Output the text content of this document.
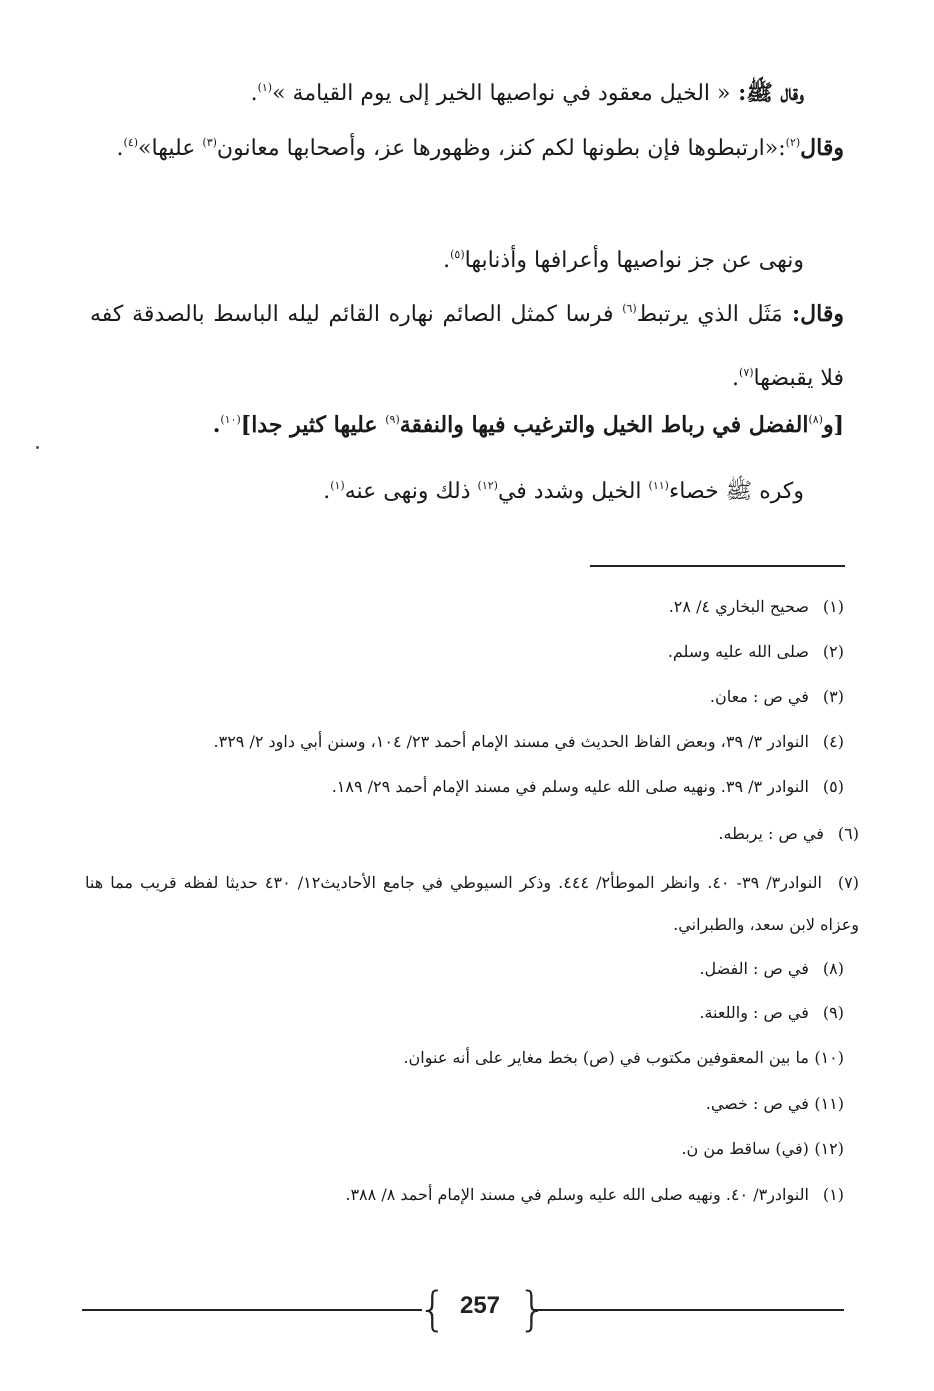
وقال ﷺ: « الخيل معقود في نواصيها الخير إلى يوم القيامة »$^{(١)}$.
وقال$^{(٢)}$:«ارتبطوها فإن بطونها لكم كنز، وظهورها عز، وأصحابها معانون$^{(٣)}$ عليها»$^{(٤)}$.
ونهى عن جز نواصيها وأعرافها وأذنابها$^{(٥)}$.
وقال: مَثَل الذي يرتبط$^{(٦)}$ فرسا كمثل الصائم نهاره القائم ليله الباسط بالصدقة كفه فلا يقبضها$^{(٧)}$.
[و$^{(٨)}$الفضل في رباط الخيل والترغيب فيها والنفقة$^{(٩)}$ عليها كثير جدا]$^{(١٠)}$.
وكره ﷺ خصاء$^{(١١)}$ الخيل وشدد في$^{(١٢)}$ ذلك ونهى عنه$^{(١)}$.
(١) صحيح البخاري ٤/ ٢٨.
(٢) صلى الله عليه وسلم.
(٣) في ص : معان.
(٤) النوادر ٣/ ٣٩، وبعض الفاظ الحديث في مسند الإمام أحمد ٢٣/ ١٠٤، وسنن أبي داود ٢/ ٣٢٩.
(٥) النوادر ٣/ ٣٩. ونهيه صلى الله عليه وسلم في مسند الإمام أحمد ٢٩/ ١٨٩.
(٦) في ص : يربطه.
(٧) النوادر٣/ ٣٩- ٤٠. وانظر الموطأ٢/ ٤٤٤. وذكر السيوطي في جامع الأحاديث١٢/ ٤٣٠ حديثا لفظه قريب مما هنا وعزاه لابن سعد، والطبراني.
(٨) في ص : الفضل.
(٩) في ص : واللعنة.
(١٠) ما بين المعقوفين مكتوب في (ص) بخط مغاير على أنه عنوان.
(١١) في ص : خصي.
(١٢) (في) ساقط من ن.
(١) النوادر٣/ ٤٠. ونهيه صلى الله عليه وسلم في مسند الإمام أحمد ٨/ ٣٨٨.
{ }
257
